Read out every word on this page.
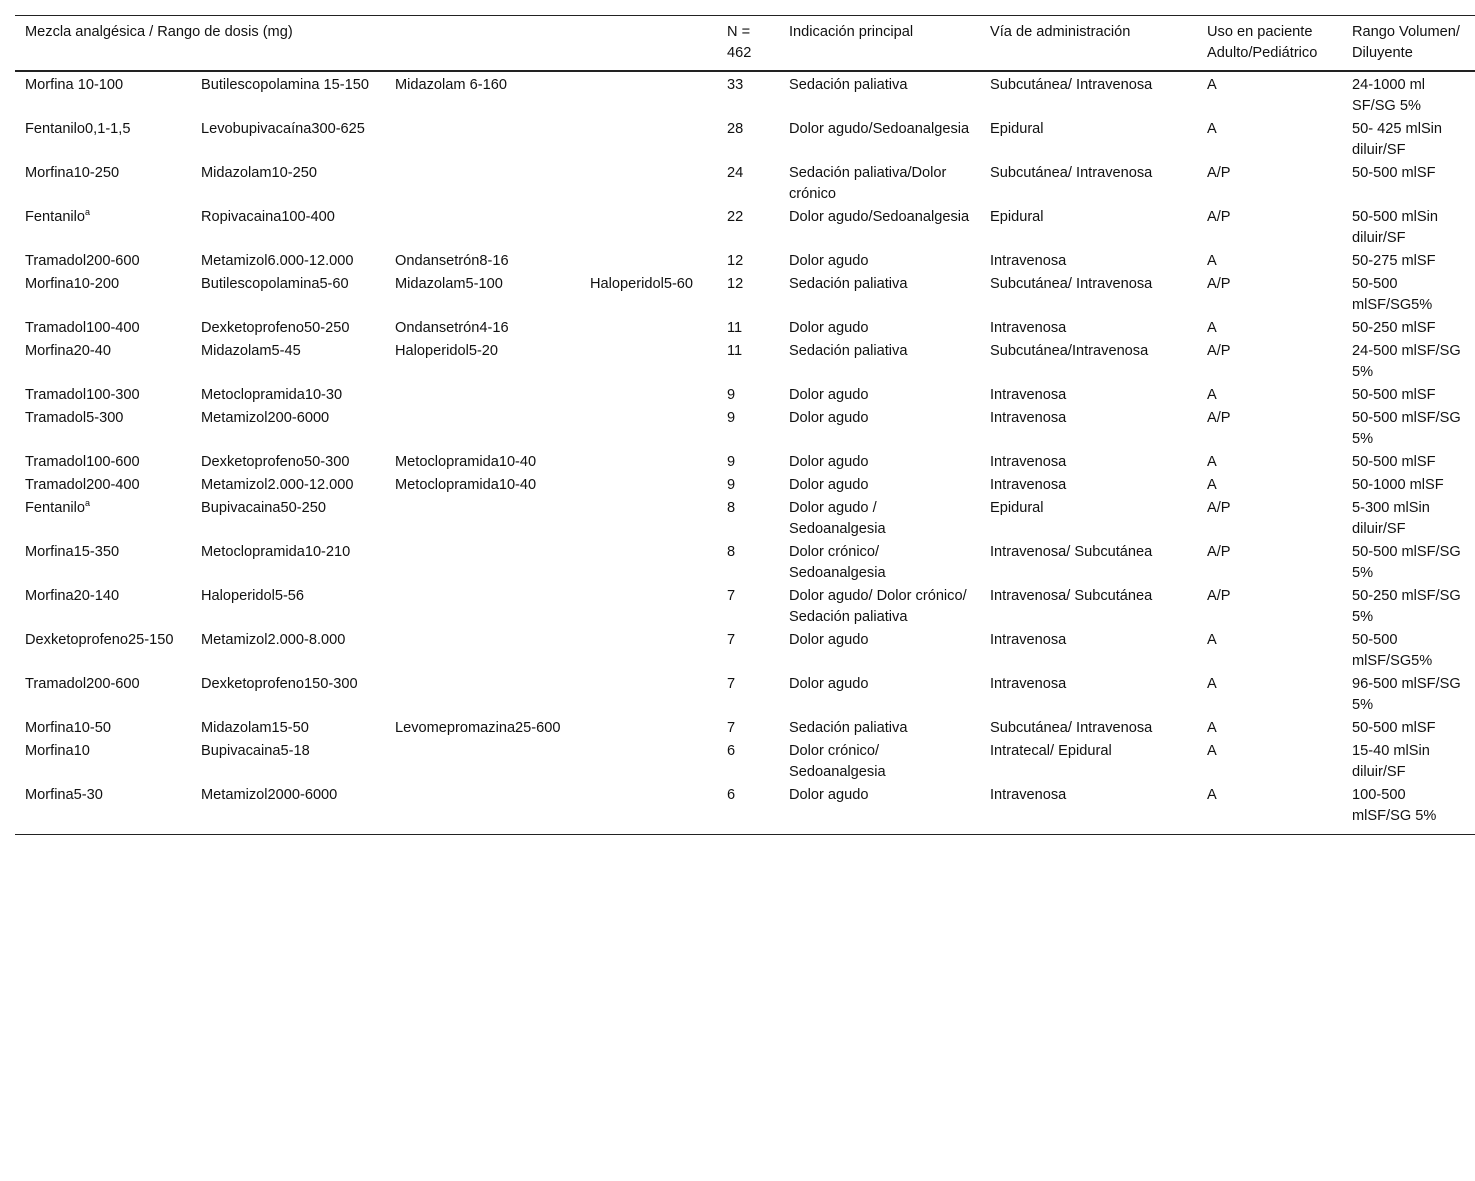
Mezcla analgésica / Rango de dosis (mg)				N = 462	Indicación principal	Vía de administración	Uso en paciente Adulto/Pediátrico	Rango Volumen/ Diluyente
Morfina 10-100	Butilescopolamina 15-150	Midazolam 6-160		33	Sedación paliativa	Subcutánea/ Intravenosa	A	24-1000 ml SF/SG 5%
Fentanilo0,1-1,5	Levobupivacaína300-625			28	Dolor agudo/Sedoanalgesia	Epidural	A	50- 425 mlSin diluir/SF
Morfina10-250	Midazolam10-250			24	Sedación paliativa/Dolor crónico	Subcutánea/ Intravenosa	A/P	50-500 mlSF
Fentanilo$^a$	Ropivacaina100-400			22	Dolor agudo/Sedoanalgesia	Epidural	A/P	50-500 mlSin diluir/SF
Tramadol200-600	Metamizol6.000-12.000	Ondansetrón8-16		12	Dolor agudo	Intravenosa	A	50-275 mlSF
Morfina10-200	Butilescopolamina5-60	Midazolam5-100	Haloperidol5-60	12	Sedación paliativa	Subcutánea/ Intravenosa	A/P	50-500 mlSF/SG5%
Tramadol100-400	Dexketoprofeno50-250	Ondansetrón4-16		11	Dolor agudo	Intravenosa	A	50-250 mlSF
Morfina20-40	Midazolam5-45	Haloperidol5-20		11	Sedación paliativa	Subcutánea/Intravenosa	A/P	24-500 mlSF/SG 5%
Tramadol100-300	Metoclopramida10-30			9	Dolor agudo	Intravenosa	A	50-500 mlSF
Tramadol5-300	Metamizol200-6000			9	Dolor agudo	Intravenosa	A/P	50-500 mlSF/SG 5%
Tramadol100-600	Dexketoprofeno50-300	Metoclopramida10-40		9	Dolor agudo	Intravenosa	A	50-500 mlSF
Tramadol200-400	Metamizol2.000-12.000	Metoclopramida10-40		9	Dolor agudo	Intravenosa	A	50-1000 mlSF
Fentanilo$^a$	Bupivacaina50-250			8	Dolor agudo / Sedoanalgesia	Epidural	A/P	5-300 mlSin diluir/SF
Morfina15-350	Metoclopramida10-210			8	Dolor crónico/ Sedoanalgesia	Intravenosa/ Subcutánea	A/P	50-500 mlSF/SG 5%
Morfina20-140	Haloperidol5-56			7	Dolor agudo/ Dolor crónico/ Sedación paliativa	Intravenosa/ Subcutánea	A/P	50-250 mlSF/SG 5%
Dexketoprofeno25-150	Metamizol2.000-8.000			7	Dolor agudo	Intravenosa	A	50-500 mlSF/SG5%
Tramadol200-600	Dexketoprofeno150-300			7	Dolor agudo	Intravenosa	A	96-500 mlSF/SG 5%
Morfina10-50	Midazolam15-50	Levomepromazina25-600		7	Sedación paliativa	Subcutánea/ Intravenosa	A	50-500 mlSF
Morfina10	Bupivacaina5-18			6	Dolor crónico/ Sedoanalgesia	Intratecal/ Epidural	A	15-40 mlSin diluir/SF
Morfina5-30	Metamizol2000-6000			6	Dolor agudo	Intravenosa	A	100-500 mlSF/SG 5%
